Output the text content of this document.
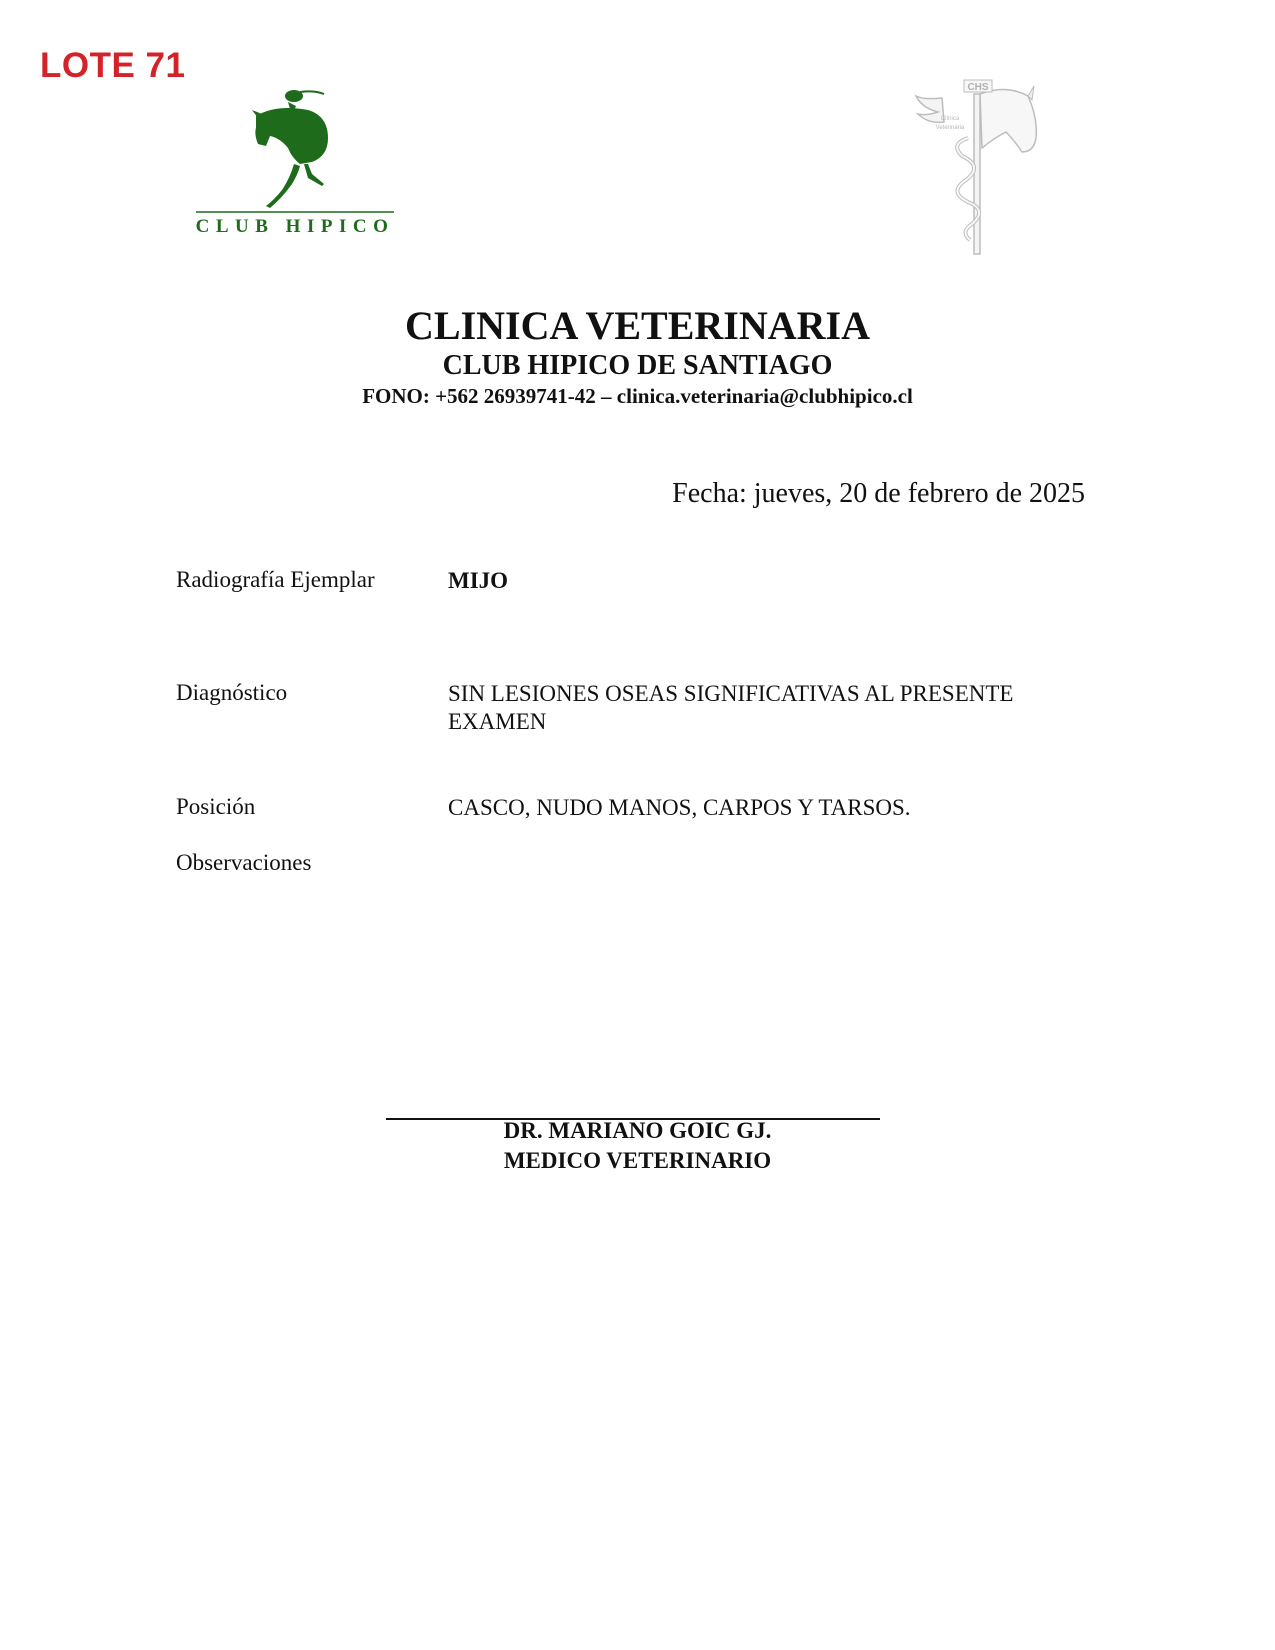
LOTE 71
CLUB HIPICO
CHS
Clínica
Veterinaria
CLINICA VETERINARIA
CLUB HIPICO DE SANTIAGO
FONO: +562 26939741-42 – clinica.veterinaria@clubhipico.cl
Fecha: jueves, 20 de febrero de 2025
Radiografía Ejemplar	MIJO
Diagnóstico	SIN LESIONES OSEAS SIGNIFICATIVAS AL PRESENTE EXAMEN
Posición	CASCO, NUDO MANOS, CARPOS Y TARSOS.
Observaciones
DR. MARIANO GOIC GJ.
MEDICO VETERINARIO
